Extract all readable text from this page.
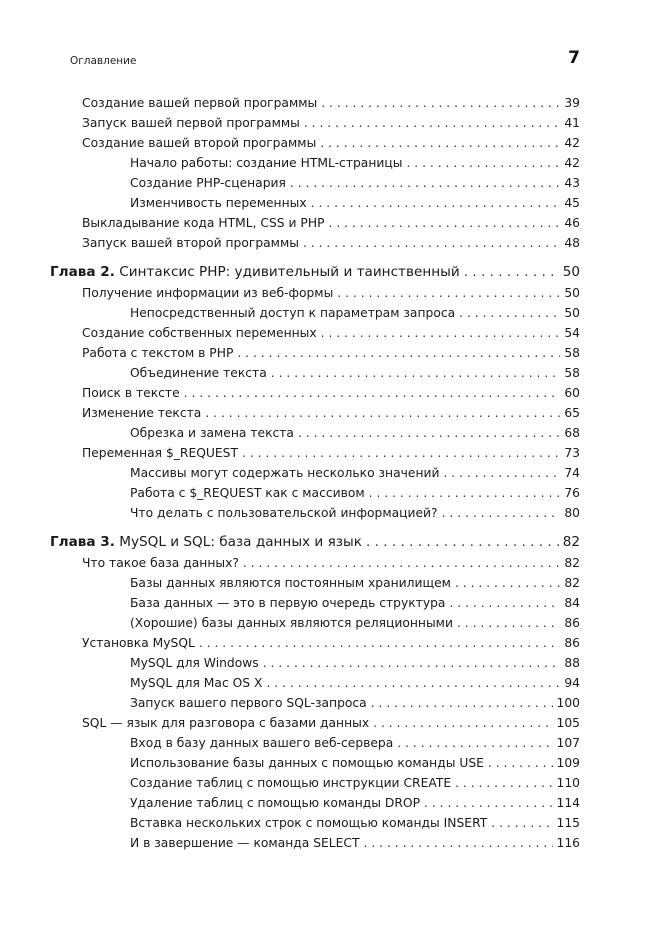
Оглавление	7
Создание вашей первой программы . . .	39
Запуск вашей первой программы . . .	41
Создание вашей второй программы . . .	42
Начало работы: создание HTML-страницы . . .	42
Создание PHP-сценария . . .	43
Изменчивость переменных . . .	45
Выкладывание кода HTML, CSS и PHP . . .	46
Запуск вашей второй программы . . .	48
Глава 2. Синтаксис PHP: удивительный и таинственный . . .	50
Получение информации из веб-формы . . .	50
Непосредственный доступ к параметрам запроса . . .	50
Создание собственных переменных . . .	54
Работа с текстом в PHP . . .	58
Объединение текста . . .	58
Поиск в тексте . . .	60
Изменение текста . . .	65
Обрезка и замена текста . . .	68
Переменная $_REQUEST . . .	73
Массивы могут содержать несколько значений . . .	74
Работа с $_REQUEST как с массивом . . .	76
Что делать с пользовательской информацией? . . .	80
Глава 3. MySQL и SQL: база данных и язык . . .	82
Что такое база данных? . . .	82
Базы данных являются постоянным хранилищем . . .	82
База данных — это в первую очередь структура . . .	84
(Хорошие) базы данных являются реляционными . . .	86
Установка MySQL . . .	86
MySQL для Windows . . .	88
MySQL для Mac OS X . . .	94
Запуск вашего первого SQL-запроса . . .	100
SQL — язык для разговора с базами данных . . .	105
Вход в базу данных вашего веб-сервера . . .	107
Использование базы данных с помощью команды USE . . .	109
Создание таблиц с помощью инструкции CREATE . . .	110
Удаление таблиц с помощью команды DROP . . .	114
Вставка нескольких строк с помощью команды INSERT . . .	115
И в завершение — команда SELECT . . .	116
